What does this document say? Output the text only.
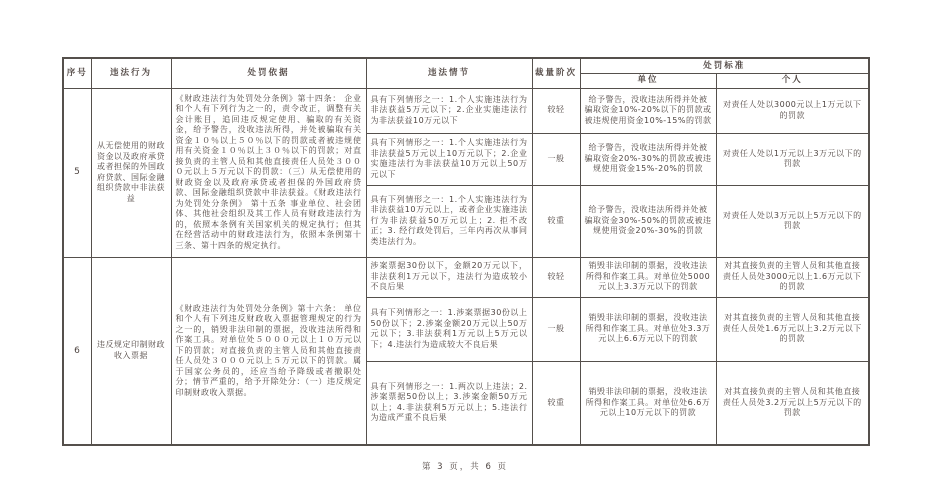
序号	违法行为	处罚依据	违法情节	裁量阶次	处罚标准	
					单位	个人
5	从无偿使用的财政资金以及政府承贷或者担保的外国政府贷款、国际金融组织贷款中非法获益	《财政违法行为处罚处分条例》第十四条： 企业和个人有下列行为之一的，责令改正，调整有关会计账目，追回违反规定使用、骗取的有关资金，给予警告，没收违法所得，并处被骗取有关资金１０％以上５０％以下的罚款或者被违规使用有关资金１０％以上３０％以下的罚款；对直接负责的主管人员和其他直接责任人员处３０００元以上５万元以下的罚款：（三）从无偿使用的财政资金以及政府承贷或者担保的外国政府贷款、国际金融组织贷款中非法获益。《财政违法行为处罚处分条例》 第十五条 事业单位、社会团体、其他社会组织及其工作人员有财政违法行为的，依照本条例有关国家机关的规定执行；但其在经营活动中的财政违法行为，依照本条例第十三条、第十四条的规定执行。	具有下列情形之一：1.个人实施违法行为非法获益5万元以下；2.企业实施违法行为非法获益10万元以下	较轻	给予警告，没收违法所得并处被骗取资金10%-20%以下的罚款或被违规使用资金10%-15%的罚款	对责任人处以3000元以上1万元以下的罚款
			具有下列情形之一：1.个人实施违法行为非法获益5万元以上10万元以下；2.企业实施违法行为非法获益10万元以上50万元以下	一般	给予警告，没收违法所得并处被骗取资金20%-30%的罚款或被违规使用资金15%-20%的罚款	对责任人处以1万元以上3万元以下的罚款
			具有下列情形之一：1.个人实施违法行为非法获益10万元以上，或者企业实施违法行为非法获益50万元以上；2. 拒不改正；3. 经行政处罚后，三年内再次从事同类违法行为。	较重	给予警告，没收违法所得并处被骗取资金30%-50%的罚款或被违规使用资金20%-30%的罚款	对责任人处以3万元以上5万元以下的罚款
6	违反规定印制财政收入票据	《财政违法行为处罚处分条例》第十六条： 单位和个人有下列违反财政收入票据管理规定的行为之一的，销毁非法印制的票据，没收违法所得和作案工具。对单位处５０００元以上１０万元以下的罚款；对直接负责的主管人员和其他直接责任人员处３０００元以上５万元以下的罚款。属于国家公务员的，还应当给予降级或者撤职处分；情节严重的，给予开除处分：（一）违反规定印制财政收入票据。	涉案票据30份以下，金额20万元以下，非法获利1万元以下，违法行为造成较小不良后果	较轻	销毁非法印制的票据，没收违法所得和作案工具。对单位处5000元以上3.3万元以下的罚款	对其直接负责的主管人员和其他直接责任人员处3000元以上1.6万元以下的罚款
			具有下列情形之一：1.涉案票据30份以上50份以下；2.涉案金额20万元以上50万元以下；3.非法获利1万元以上5万元以下；4.违法行为造成较大不良后果	一般	销毁非法印制的票据，没收违法所得和作案工具。对单位处3.3万元以上6.6万元以下的罚款	对其直接负责的主管人员和其他直接责任人员处1.6万元以上3.2万元以下的罚款
			具有下列情形之一：1.两次以上违法；2.涉案票据50份以上；3.涉案金额50万元以上；4.非法获利5万元以上；5.违法行为造成严重不良后果	较重	销毁非法印制的票据，没收违法所得和作案工具。对单位处6.6万元以上10万元以下的罚款	对其直接负责的主管人员和其他直接责任人员处3.2万元以上5万元以下的罚款
第 3 页，共 6 页
